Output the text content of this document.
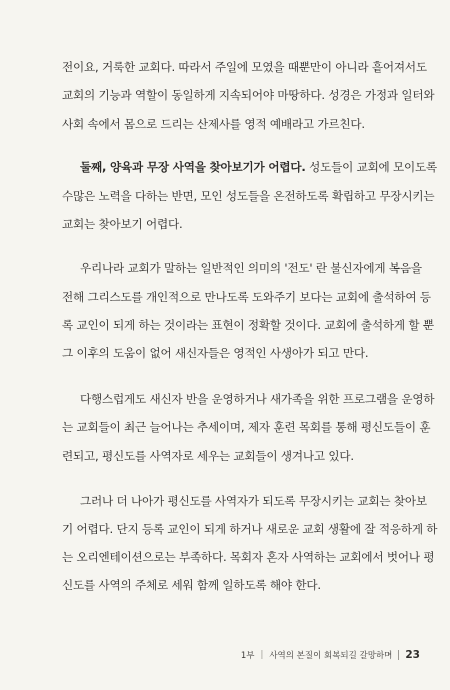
전이요, 거룩한 교회다. 따라서 주일에 모였을 때뿐만이 아니라 흩어져서도
교회의 기능과 역할이 동일하게 지속되어야 마땅하다. 성경은 가정과 일터와
사회 속에서 몸으로 드리는 산제사를 영적 예배라고 가르친다.
둘째, 양육과 무장 사역을 찾아보기가 어렵다. 성도들이 교회에 모이도록
수많은 노력을 다하는 반면, 모인 성도들을 온전하도록 확립하고 무장시키는
교회는 찾아보기 어렵다.
우리나라 교회가 말하는 일반적인 의미의 '전도' 란 불신자에게 복음을
전해 그리스도를 개인적으로 만나도록 도와주기 보다는 교회에 출석하여 등
록 교인이 되게 하는 것이라는 표현이 정확할 것이다. 교회에 출석하게 할 뿐
그 이후의 도움이 없어 새신자들은 영적인 사생아가 되고 만다.
다행스럽게도 새신자 반을 운영하거나 새가족을 위한 프로그램을 운영하
는 교회들이 최근 늘어나는 추세이며, 제자 훈련 목회를 통해 평신도들이 훈
련되고, 평신도를 사역자로 세우는 교회들이 생겨나고 있다.
그러나 더 나아가 평신도를 사역자가 되도록 무장시키는 교회는 찾아보
기 어렵다. 단지 등록 교인이 되게 하거나 새로운 교회 생활에 잘 적응하게 하
는 오리엔테이션으로는 부족하다. 목회자 혼자 사역하는 교회에서 벗어나 평
신도를 사역의 주체로 세워 함께 일하도록 해야 한다.
1부 | 사역의 본질이 회복되길 갈망하며 23
